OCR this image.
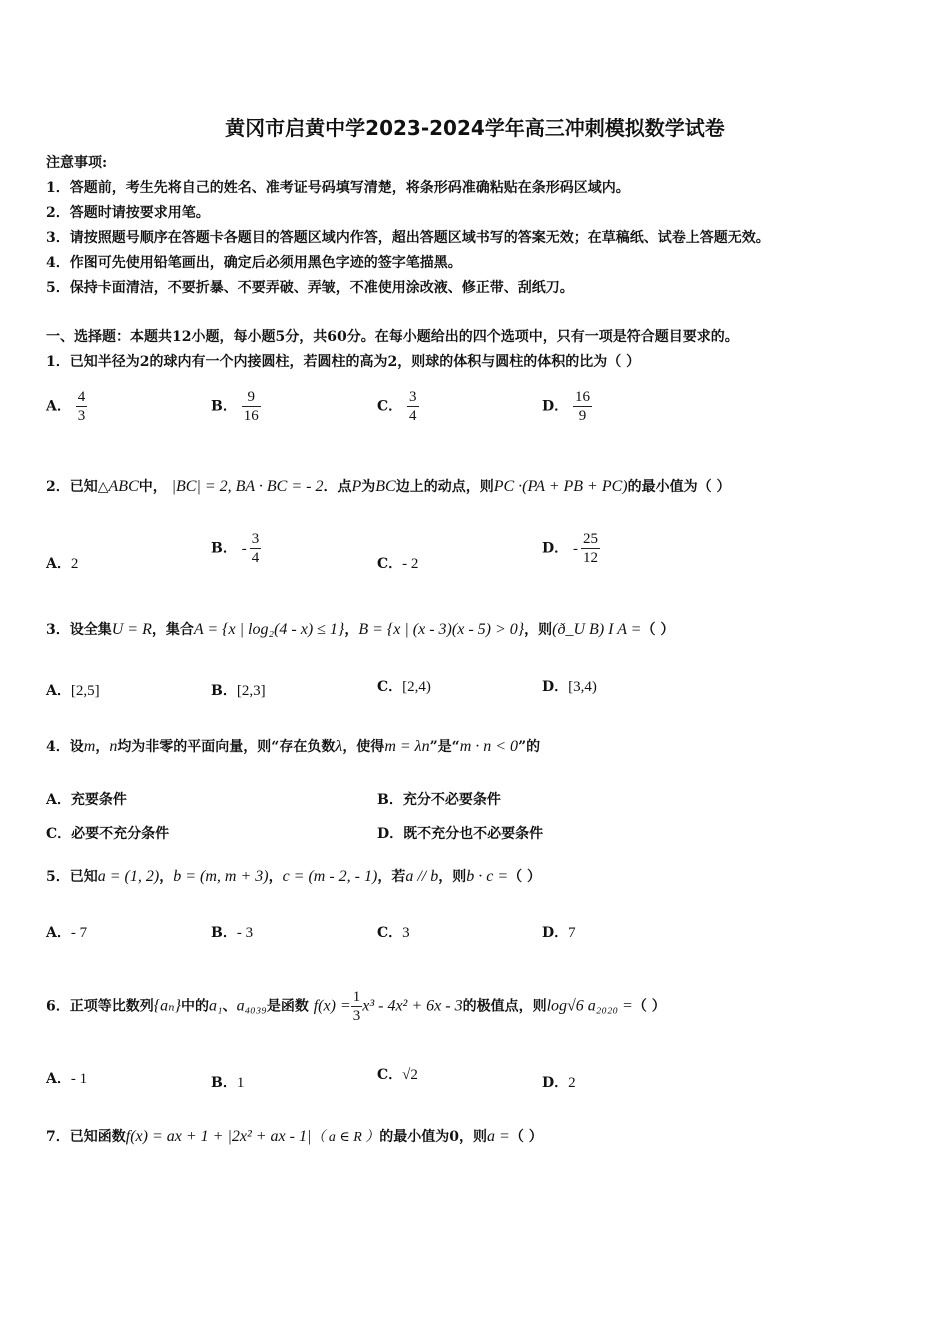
黄冈市启黄中学2023-2024学年高三冲刺模拟数学试卷
注意事项:
1．答题前，考生先将自己的姓名、准考证号码填写清楚，将条形码准确粘贴在条形码区域内。
2．答题时请按要求用笔。
3．请按照题号顺序在答题卡各题目的答题区域内作答，超出答题区域书写的答案无效；在草稿纸、试卷上答题无效。
4．作图可先使用铅笔画出，确定后必须用黑色字迹的签字笔描黑。
5．保持卡面清洁，不要折暴、不要弄破、弄皱，不准使用涂改液、修正带、刮纸刀。
一、选择题：本题共12小题，每小题5分，共60分。在每小题给出的四个选项中，只有一项是符合题目要求的。
1．已知半径为2的球内有一个内接圆柱，若圆柱的高为2，则球的体积与圆柱的体积的比为（ ）
A． $\frac{4}{3}$	B． $\frac{9}{16}$	C． $\frac{3}{4}$	D． $\frac{16}{9}$
2．已知△ABC中， |BC| = 2, BA · BC = - 2．点P为BC边上的动点，则PC ·(PA + PB + PC)的最小值为（ ）
A．2
B． - $\frac{3}{4}$	C．- 2
D． - $\frac{25}{12}$
3．设全集U = R，集合A = {x | log₂(4 - x) ≤ 1}，B = {x | (x - 3)(x - 5) > 0}，则(ð_U B) I A =（ ）
A．[2,5]	B．[2,3]	C．[2,4)	D．[3,4)
4．设m，n均为非零的平面向量，则“存在负数λ，使得m = λn”是“m · n < 0”的
A．充要条件	B．充分不必要条件
C．必要不充分条件	D．既不充分也不必要条件
5．已知a = (1, 2)，b = (m, m + 3)，c = (m - 2, - 1)，若a // b，则b · c =（ ）
A．- 7	B．- 3	C．3	D．7
6．正项等比数列{aₙ}中的a₁、a₄₀₃₉是函数 $f(x) = \frac{1}{3} x^3 - 4x^2 + 6x - 3$的极值点，则log√6 a₂₀₂₀ =（ ）
A．- 1	B．1	C．√2	D．2
7．已知函数f(x) = ax + 1 + |2x² + ax - 1|（ a ∈ R ）的最小值为0，则a =（ ）
